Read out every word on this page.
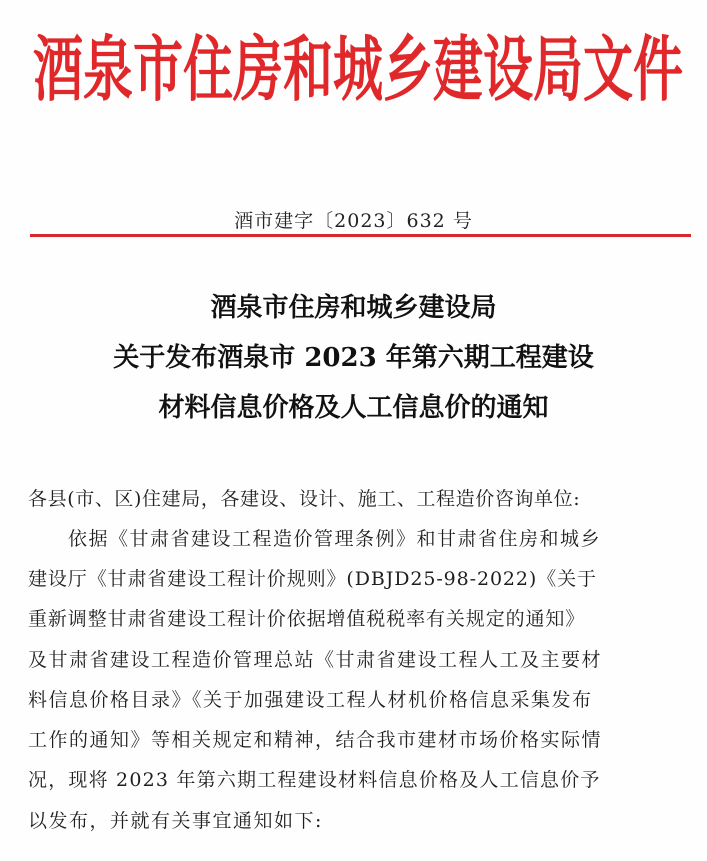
酒泉市住房和城乡建设局文件
酒市建字〔2023〕632 号
酒泉市住房和城乡建设局
关于发布酒泉市 2023 年第六期工程建设
材料信息价格及人工信息价的通知
各县(市、区)住建局，各建设、设计、施工、工程造价咨询单位:
依据《甘肃省建设工程造价管理条例》和甘肃省住房和城乡
建设厅《甘肃省建设工程计价规则》(DBJD25-98-2022)《关于
重新调整甘肃省建设工程计价依据增值税税率有关规定的通知》
及甘肃省建设工程造价管理总站《甘肃省建设工程人工及主要材
料信息价格目录》《关于加强建设工程人材机价格信息采集发布
工作的通知》等相关规定和精神，结合我市建材市场价格实际情
况，现将 2023 年第六期工程建设材料信息价格及人工信息价予
以发布，并就有关事宜通知如下:
